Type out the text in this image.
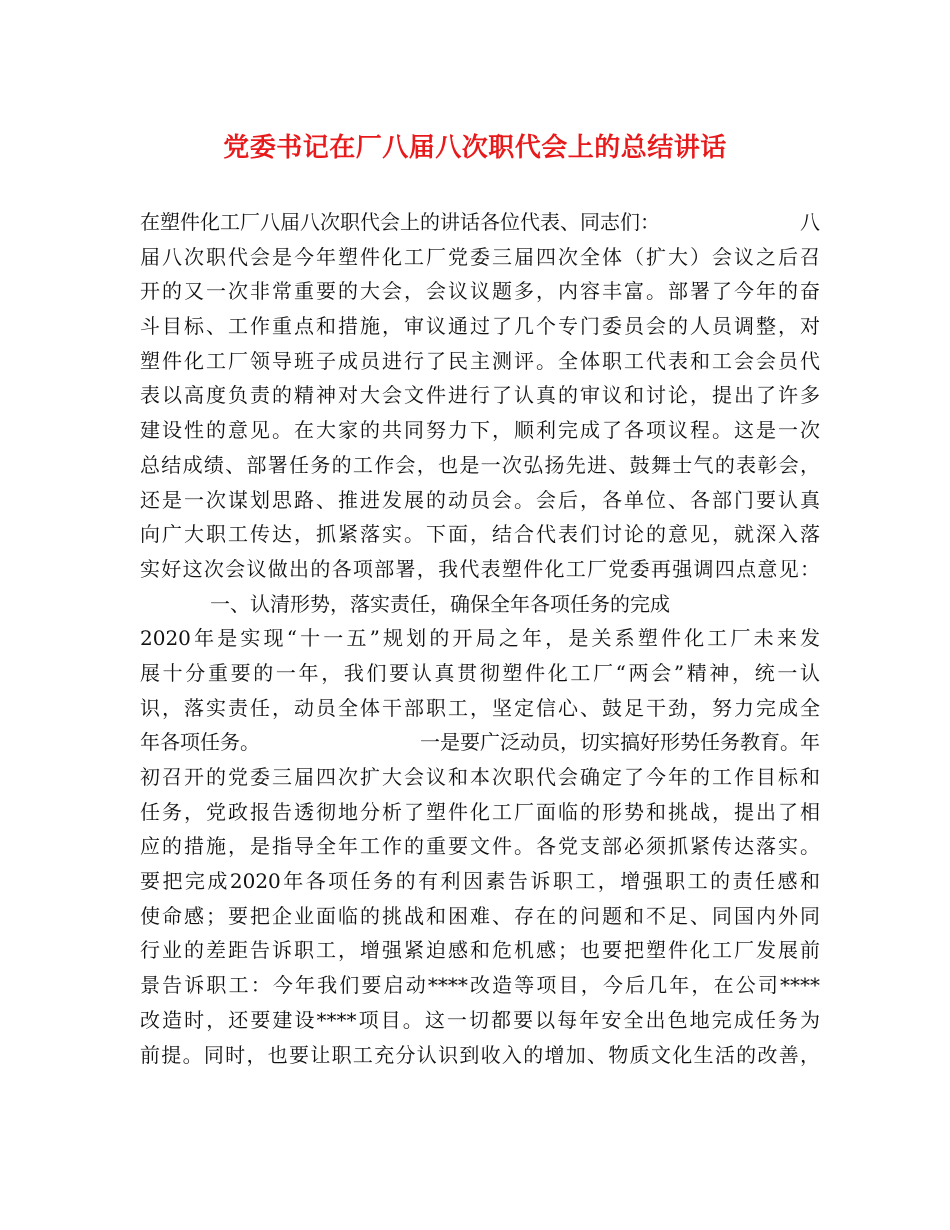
党委书记在厂八届八次职代会上的总结讲话
在塑件化工厂八届八次职代会上的讲话各位代表、同志们：	八
届八次职代会是今年塑件化工厂党委三届四次全体（扩大）会议之后召
开的又一次非常重要的大会，会议议题多，内容丰富。部署了今年的奋
斗目标、工作重点和措施，审议通过了几个专门委员会的人员调整，对
塑件化工厂领导班子成员进行了民主测评。全体职工代表和工会会员代
表以高度负责的精神对大会文件进行了认真的审议和讨论，提出了许多
建设性的意见。在大家的共同努力下，顺利完成了各项议程。这是一次
总结成绩、部署任务的工作会，也是一次弘扬先进、鼓舞士气的表彰会，
还是一次谋划思路、推进发展的动员会。会后，各单位、各部门要认真
向广大职工传达，抓紧落实。下面，结合代表们讨论的意见，就深入落
实好这次会议做出的各项部署，我代表塑件化工厂党委再强调四点意见：
一、认清形势，落实责任，确保全年各项任务的完成
2020年是实现“十一五”规划的开局之年，是关系塑件化工厂未来发
展十分重要的一年，我们要认真贯彻塑件化工厂“两会”精神，统一认
识，落实责任，动员全体干部职工，坚定信心、鼓足干劲，努力完成全
年各项任务。	一是要广泛动员，切实搞好形势任务教育。年
初召开的党委三届四次扩大会议和本次职代会确定了今年的工作目标和
任务，党政报告透彻地分析了塑件化工厂面临的形势和挑战，提出了相
应的措施，是指导全年工作的重要文件。各党支部必须抓紧传达落实。
要把完成2020年各项任务的有利因素告诉职工，增强职工的责任感和
使命感；要把企业面临的挑战和困难、存在的问题和不足、同国内外同
行业的差距告诉职工，增强紧迫感和危机感；也要把塑件化工厂发展前
景告诉职工：今年我们要启动****改造等项目，今后几年，在公司****
改造时，还要建设****项目。这一切都要以每年安全出色地完成任务为
前提。同时，也要让职工充分认识到收入的增加、物质文化生活的改善，
